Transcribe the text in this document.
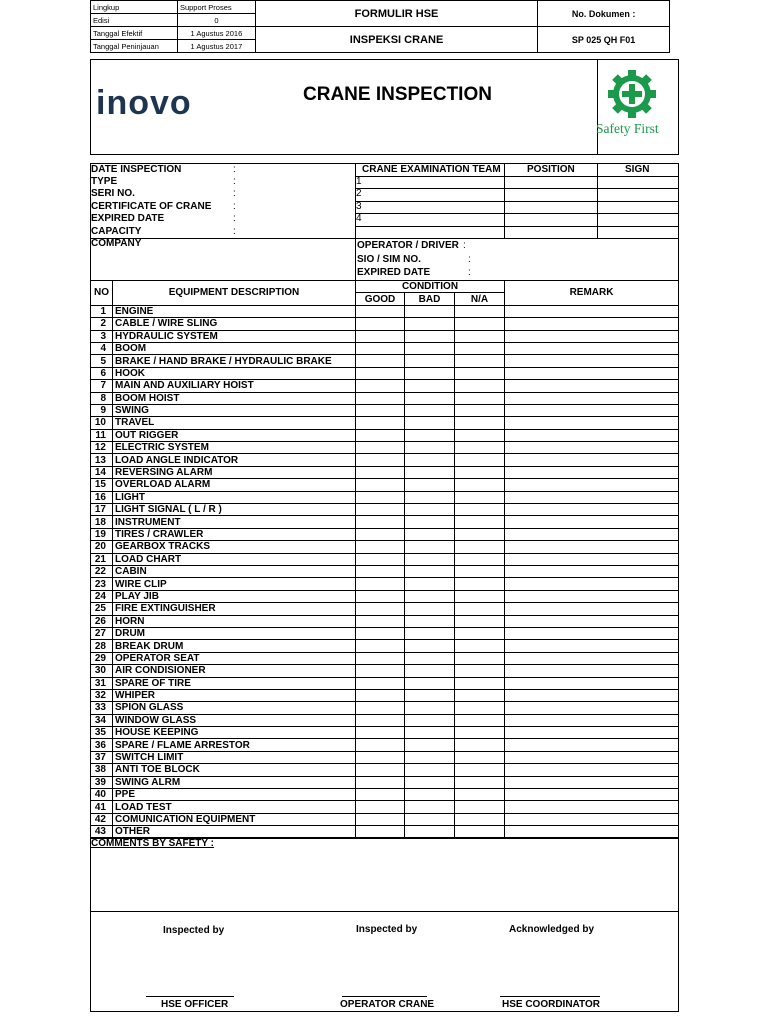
Lingkup	Support Proses	FORMULIR HSE	No. Dokumen :
Edisi	0		
Tanggal Efektif	1 Agustus 2016	INSPEKSI CRANE	SP 025 QH F01
Tanggal Peninjauan	1 Agustus 2017		
inovo	CRANE INSPECTION
Safety First
DATE INSPECTION	:
TYPE	:
SERI NO.	:
CERTIFICATE OF CRANE :
EXPIRED DATE	:
CAPACITY	:
COMPANY
CRANE EXAMINATION TEAM	POSITION	SIGN
1
2
3
4
OPERATOR / DRIVER :
SIO / SIM NO.	:
EXPIRED DATE	:
NO	EQUIPMENT DESCRIPTION	CONDITION			REMARK
		GOOD	BAD	N/A	
1	ENGINE				
2	CABLE / WIRE SLING				
3	HYDRAULIC SYSTEM				
4	BOOM				
5	BRAKE / HAND BRAKE / HYDRAULIC BRAKE				
6	HOOK				
7	MAIN AND AUXILIARY HOIST				
8	BOOM HOIST				
9	SWING				
10	TRAVEL				
11	OUT RIGGER				
12	ELECTRIC SYSTEM				
13	LOAD ANGLE INDICATOR				
14	REVERSING ALARM				
15	OVERLOAD ALARM				
16	LIGHT				
17	LIGHT SIGNAL ( L / R )				
18	INSTRUMENT				
19	TIRES / CRAWLER				
20	GEARBOX TRACKS				
21	LOAD CHART				
22	CABIN				
23	WIRE CLIP				
24	PLAY JIB				
25	FIRE EXTINGUISHER				
26	HORN				
27	DRUM				
28	BREAK DRUM				
29	OPERATOR SEAT				
30	AIR CONDISIONER				
31	SPARE OF TIRE				
32	WHIPER				
33	SPION GLASS				
34	WINDOW GLASS				
35	HOUSE KEEPING				
36	SPARE / FLAME ARRESTOR				
37	SWITCH LIMIT				
38	ANTI TOE BLOCK				
39	SWING ALRM				
40	PPE				
41	LOAD TEST				
42	COMUNICATION EQUIPMENT				
43	OTHER				
COMMENTS BY SAFETY :
Inspected by	Inspected by	Acknowledged by
HSE OFFICER	OPERATOR CRANE	HSE COORDINATOR
